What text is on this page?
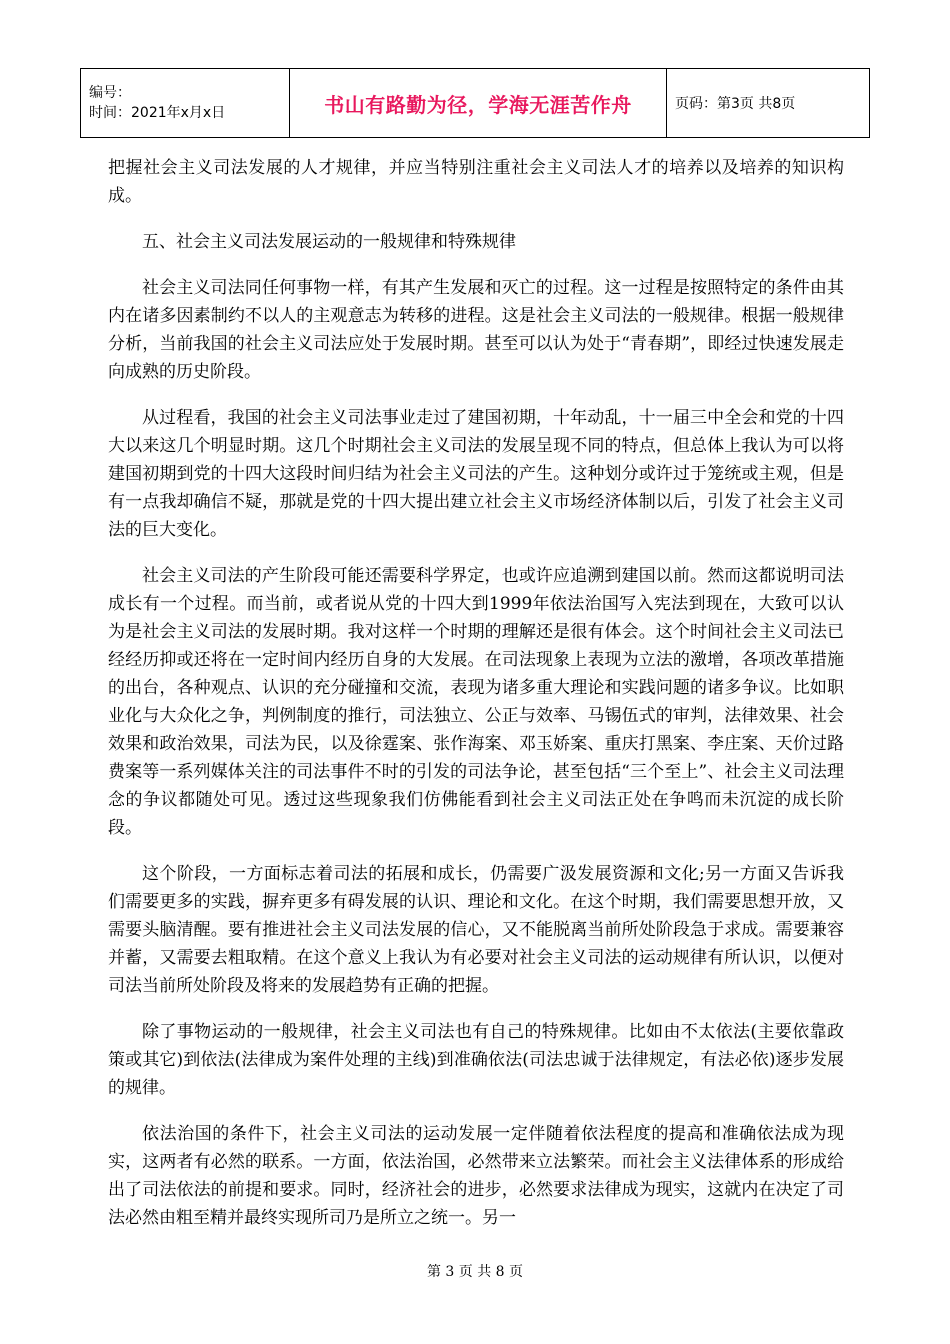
编号：
时间：2021年x月x日	书山有路勤为径，学海无涯苦作舟	页码：第3页 共8页

把握社会主义司法发展的人才规律，并应当特别注重社会主义司法人才的培养以及培养的知识构成。

五、社会主义司法发展运动的一般规律和特殊规律

社会主义司法同任何事物一样，有其产生发展和灭亡的过程。这一过程是按照特定的条件由其内在诸多因素制约不以人的主观意志为转移的进程。这是社会主义司法的一般规律。根据一般规律分析，当前我国的社会主义司法应处于发展时期。甚至可以认为处于“青春期”，即经过快速发展走向成熟的历史阶段。

从过程看，我国的社会主义司法事业走过了建国初期，十年动乱，十一届三中全会和党的十四大以来这几个明显时期。这几个时期社会主义司法的发展呈现不同的特点，但总体上我认为可以将建国初期到党的十四大这段时间归结为社会主义司法的产生。这种划分或许过于笼统或主观，但是有一点我却确信不疑，那就是党的十四大提出建立社会主义市场经济体制以后，引发了社会主义司法的巨大变化。

社会主义司法的产生阶段可能还需要科学界定，也或许应追溯到建国以前。然而这都说明司法成长有一个过程。而当前，或者说从党的十四大到1999年依法治国写入宪法到现在，大致可以认为是社会主义司法的发展时期。我对这样一个时期的理解还是很有体会。这个时间社会主义司法已经经历抑或还将在一定时间内经历自身的大发展。在司法现象上表现为立法的激增，各项改革措施的出台，各种观点、认识的充分碰撞和交流，表现为诸多重大理论和实践问题的诸多争议。比如职业化与大众化之争，判例制度的推行，司法独立、公正与效率、马锡伍式的审判，法律效果、社会效果和政治效果，司法为民，以及徐霆案、张作海案、邓玉娇案、重庆打黑案、李庄案、天价过路费案等一系列媒体关注的司法事件不时的引发的司法争论，甚至包括“三个至上”、社会主义司法理念的争议都随处可见。透过这些现象我们仿佛能看到社会主义司法正处在争鸣而未沉淀的成长阶段。

这个阶段，一方面标志着司法的拓展和成长，仍需要广汲发展资源和文化;另一方面又告诉我们需要更多的实践，摒弃更多有碍发展的认识、理论和文化。在这个时期，我们需要思想开放，又需要头脑清醒。要有推进社会主义司法发展的信心，又不能脱离当前所处阶段急于求成。需要兼容并蓄，又需要去粗取精。在这个意义上我认为有必要对社会主义司法的运动规律有所认识，以便对司法当前所处阶段及将来的发展趋势有正确的把握。

除了事物运动的一般规律，社会主义司法也有自己的特殊规律。比如由不太依法(主要依靠政策或其它)到依法(法律成为案件处理的主线)到准确依法(司法忠诚于法律规定，有法必依)逐步发展的规律。

依法治国的条件下，社会主义司法的运动发展一定伴随着依法程度的提高和准确依法成为现实，这两者有必然的联系。一方面，依法治国，必然带来立法繁荣。而社会主义法律体系的形成给出了司法依法的前提和要求。同时，经济社会的进步，必然要求法律成为现实，这就内在决定了司法必然由粗至精并最终实现所司乃是所立之统一。另一

第 3 页 共 8 页
